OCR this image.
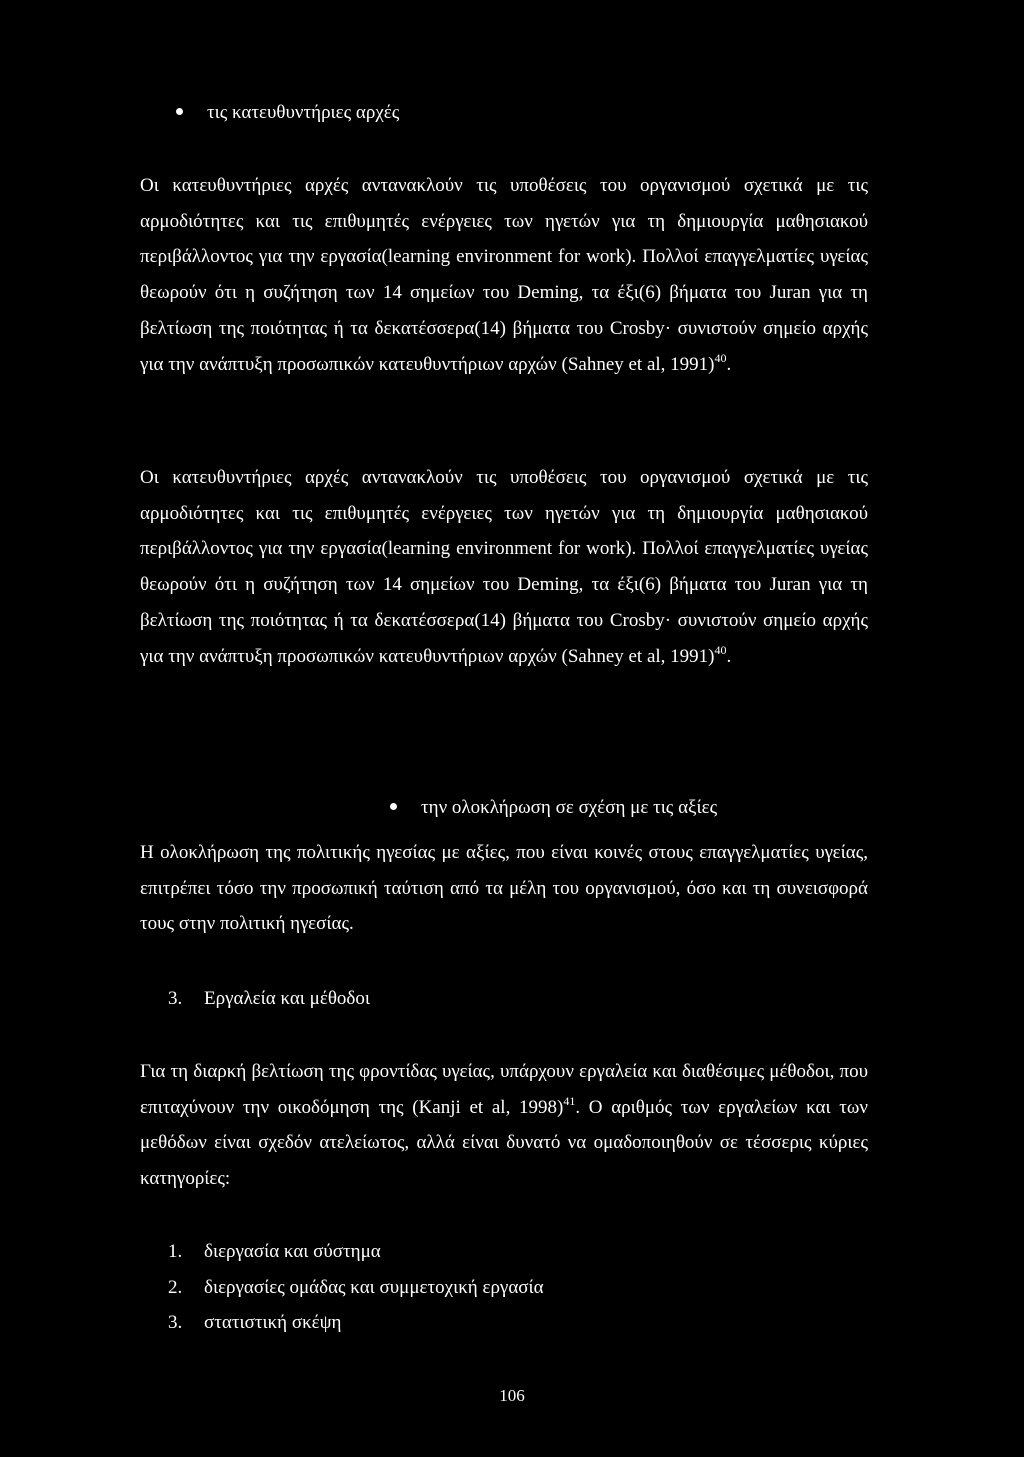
τις κατευθυντήριες αρχές

Οι κατευθυντήριες αρχές αντανακλούν τις υποθέσεις του οργανισμού σχετικά με τις αρμοδιότητες και τις επιθυμητές ενέργειες των ηγετών για τη δημιουργία μαθησιακού περιβάλλοντος για την εργασία(learning environment for work). Πολλοί επαγγελματίες υγείας θεωρούν ότι η συζήτηση των 14 σημείων του Deming, τα έξι(6) βήματα του Juran για τη βελτίωση της ποιότητας ή τα δεκατέσσερα(14) βήματα του Crosby· συνιστούν σημείο αρχής για την ανάπτυξη προσωπικών κατευθυντήριων αρχών (Sahney et al, 1991)$^{40}$.

Οι κατευθυντήριες αρχές αντανακλούν τις υποθέσεις του οργανισμού σχετικά με τις αρμοδιότητες και τις επιθυμητές ενέργειες των ηγετών για τη δημιουργία μαθησιακού περιβάλλοντος για την εργασία(learning environment for work). Πολλοί επαγγελματίες υγείας θεωρούν ότι η συζήτηση των 14 σημείων του Deming, τα έξι(6) βήματα του Juran για τη βελτίωση της ποιότητας ή τα δεκατέσσερα(14) βήματα του Crosby· συνιστούν σημείο αρχής για την ανάπτυξη προσωπικών κατευθυντήριων αρχών (Sahney et al, 1991)$^{40}$.

την ολοκλήρωση σε σχέση με τις αξίες

Η ολοκλήρωση της πολιτικής ηγεσίας με αξίες, που είναι κοινές στους επαγγελματίες υγείας, επιτρέπει τόσο την προσωπική ταύτιση από τα μέλη του οργανισμού, όσο και τη συνεισφορά τους στην πολιτική ηγεσίας.

3. Εργαλεία και μέθοδοι

Για τη διαρκή βελτίωση της φροντίδας υγείας, υπάρχουν εργαλεία και διαθέσιμες μέθοδοι, που επιταχύνουν την οικοδόμηση της (Kanji et al, 1998)$^{41}$. Ο αριθμός των εργαλείων και των μεθόδων είναι σχεδόν ατελείωτος, αλλά είναι δυνατό να ομαδοποιηθούν σε τέσσερις κύριες κατηγορίες:

1. διεργασία και σύστημα
2. διεργασίες ομάδας και συμμετοχική εργασία
3. στατιστική σκέψη
106
